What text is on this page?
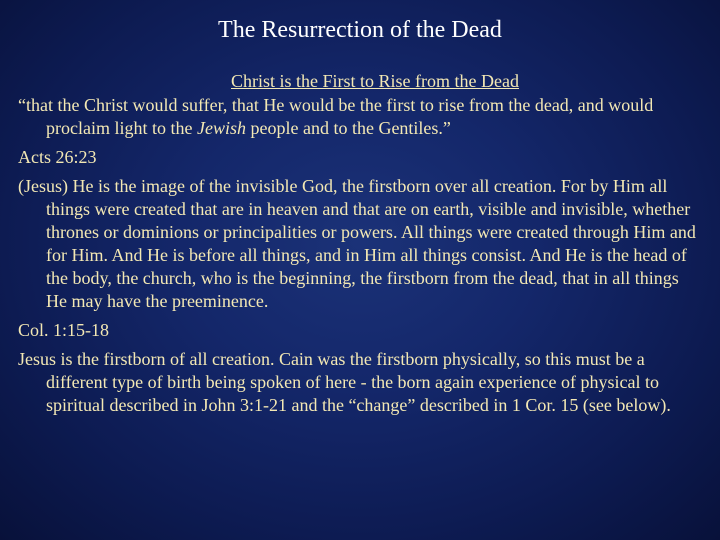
The Resurrection of the Dead
Christ is the First to Rise from the Dead
“that the Christ would suffer, that He would be the first to rise from the dead, and would proclaim light to the Jewish people and to the Gentiles.”
Acts 26:23
(Jesus) He is the image of the invisible God, the firstborn over all creation. For by Him all things were created that are in heaven and that are on earth, visible and invisible, whether thrones or dominions or principalities or powers. All things were created through Him and for Him. And He is before all things, and in Him all things consist. And He is the head of the body, the church, who is the beginning, the firstborn from the dead, that in all things He may have the preeminence.
Col. 1:15-18
Jesus is the firstborn of all creation. Cain was the firstborn physically, so this must be a different type of birth being spoken of here - the born again experience of physical to spiritual described in John 3:1-21 and the “change” described in 1 Cor. 15 (see below).
